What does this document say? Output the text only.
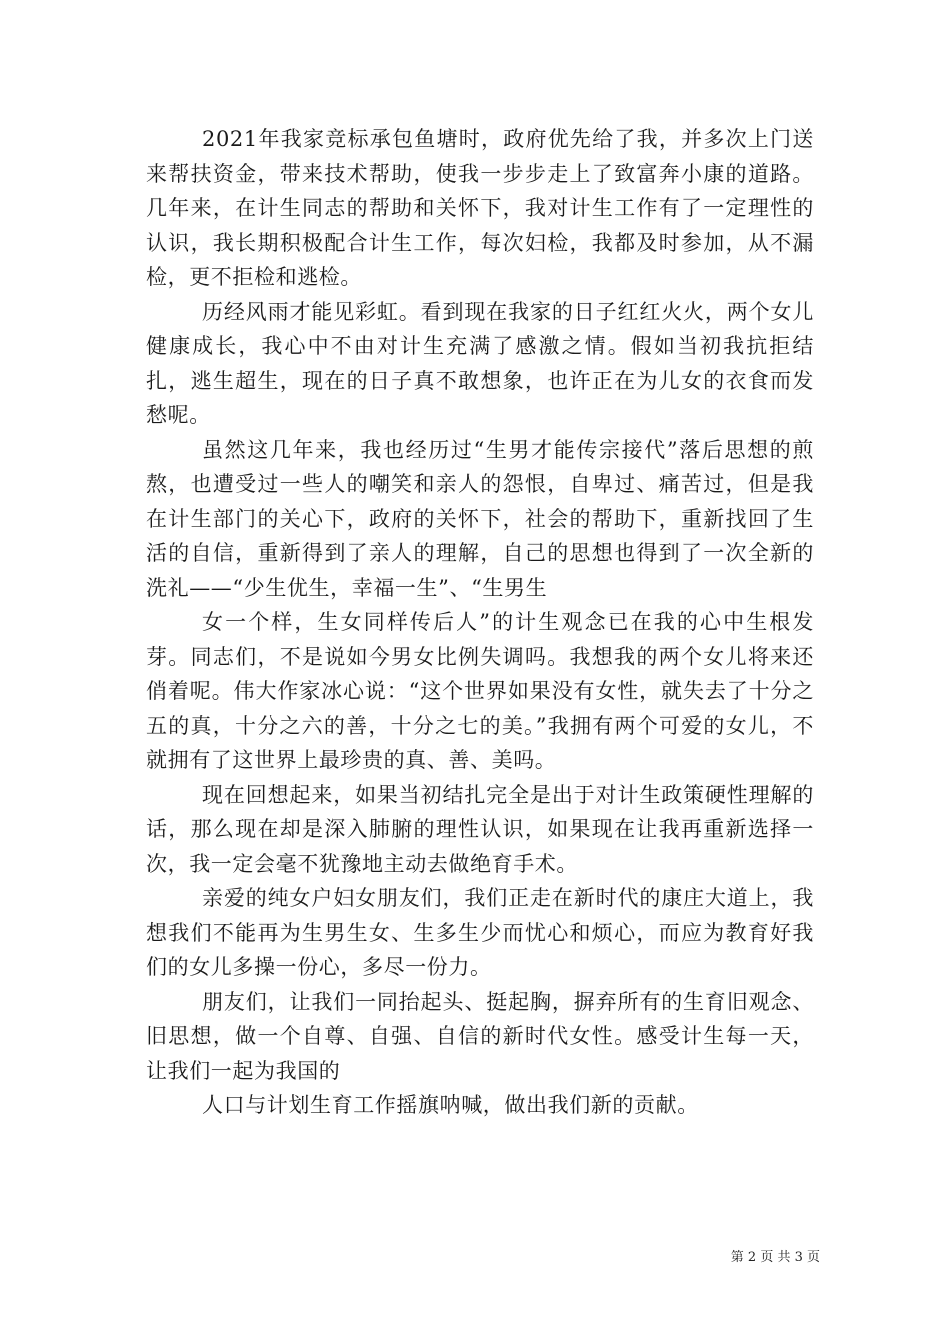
2021年我家竞标承包鱼塘时，政府优先给了我，并多次上门送来帮扶资金，带来技术帮助，使我一步步走上了致富奔小康的道路。几年来，在计生同志的帮助和关怀下，我对计生工作有了一定理性的认识，我长期积极配合计生工作，每次妇检，我都及时参加，从不漏检，更不拒检和逃检。

历经风雨才能见彩虹。看到现在我家的日子红红火火，两个女儿健康成长，我心中不由对计生充满了感激之情。假如当初我抗拒结扎，逃生超生，现在的日子真不敢想象，也许正在为儿女的衣食而发愁呢。

虽然这几年来，我也经历过“生男才能传宗接代”落后思想的煎熬，也遭受过一些人的嘲笑和亲人的怨恨，自卑过、痛苦过，但是我在计生部门的关心下，政府的关怀下，社会的帮助下，重新找回了生活的自信，重新得到了亲人的理解，自己的思想也得到了一次全新的洗礼——“少生优生，幸福一生”、“生男生

女一个样，生女同样传后人”的计生观念已在我的心中生根发芽。同志们，不是说如今男女比例失调吗。我想我的两个女儿将来还俏着呢。伟大作家冰心说：“这个世界如果没有女性，就失去了十分之五的真，十分之六的善，十分之七的美。”我拥有两个可爱的女儿，不就拥有了这世界上最珍贵的真、善、美吗。

现在回想起来，如果当初结扎完全是出于对计生政策硬性理解的话，那么现在却是深入肺腑的理性认识，如果现在让我再重新选择一次，我一定会毫不犹豫地主动去做绝育手术。

亲爱的纯女户妇女朋友们，我们正走在新时代的康庄大道上，我想我们不能再为生男生女、生多生少而忧心和烦心，而应为教育好我们的女儿多操一份心，多尽一份力。

朋友们，让我们一同抬起头、挺起胸，摒弃所有的生育旧观念、旧思想，做一个自尊、自强、自信的新时代女性。感受计生每一天，让我们一起为我国的

人口与计划生育工作摇旗呐喊，做出我们新的贡献。

第 2 页 共 3 页
